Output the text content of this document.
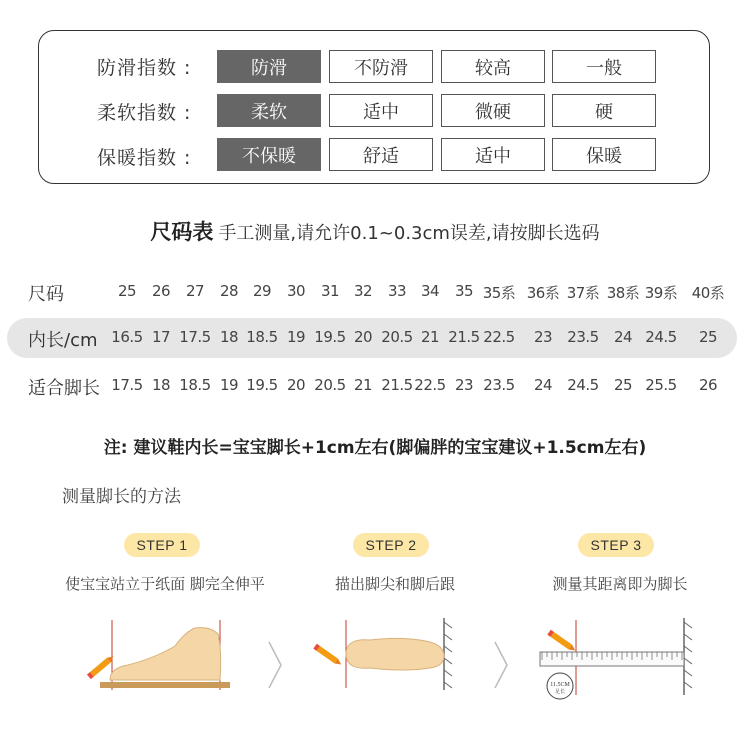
防滑指数 :	防滑	不防滑	较高	一般
柔软指数 :	柔软	适中	微硬	硬
保暖指数 :	不保暖	舒适	适中	保暖
尺码表 手工测量,请允许0.1~0.3cm误差,请按脚长选码
尺码	25	26	27	28 29	30	31 32	33 34	35 35系 36系 37系 38系 39系 40系
内长/cm 16.5 17 17.5 18 18.5 19 19.5 20 20.5 21 21.5 22.5	23	23.5	24 24.5	25
适合脚长 17.5 18 18.5 19 19.5 20 20.5 21 21.5 22.5 23 23.5	24	24.5	25 25.5	26
注: 建议鞋内长=宝宝脚长+1cm左右(脚偏胖的宝宝建议+1.5cm左右)
测量脚长的方法
STEP 1	STEP 2	STEP 3
使宝宝站立于纸面 脚完全伸平	描出脚尖和脚后跟	测量其距离即为脚长
11.5CM
足长
